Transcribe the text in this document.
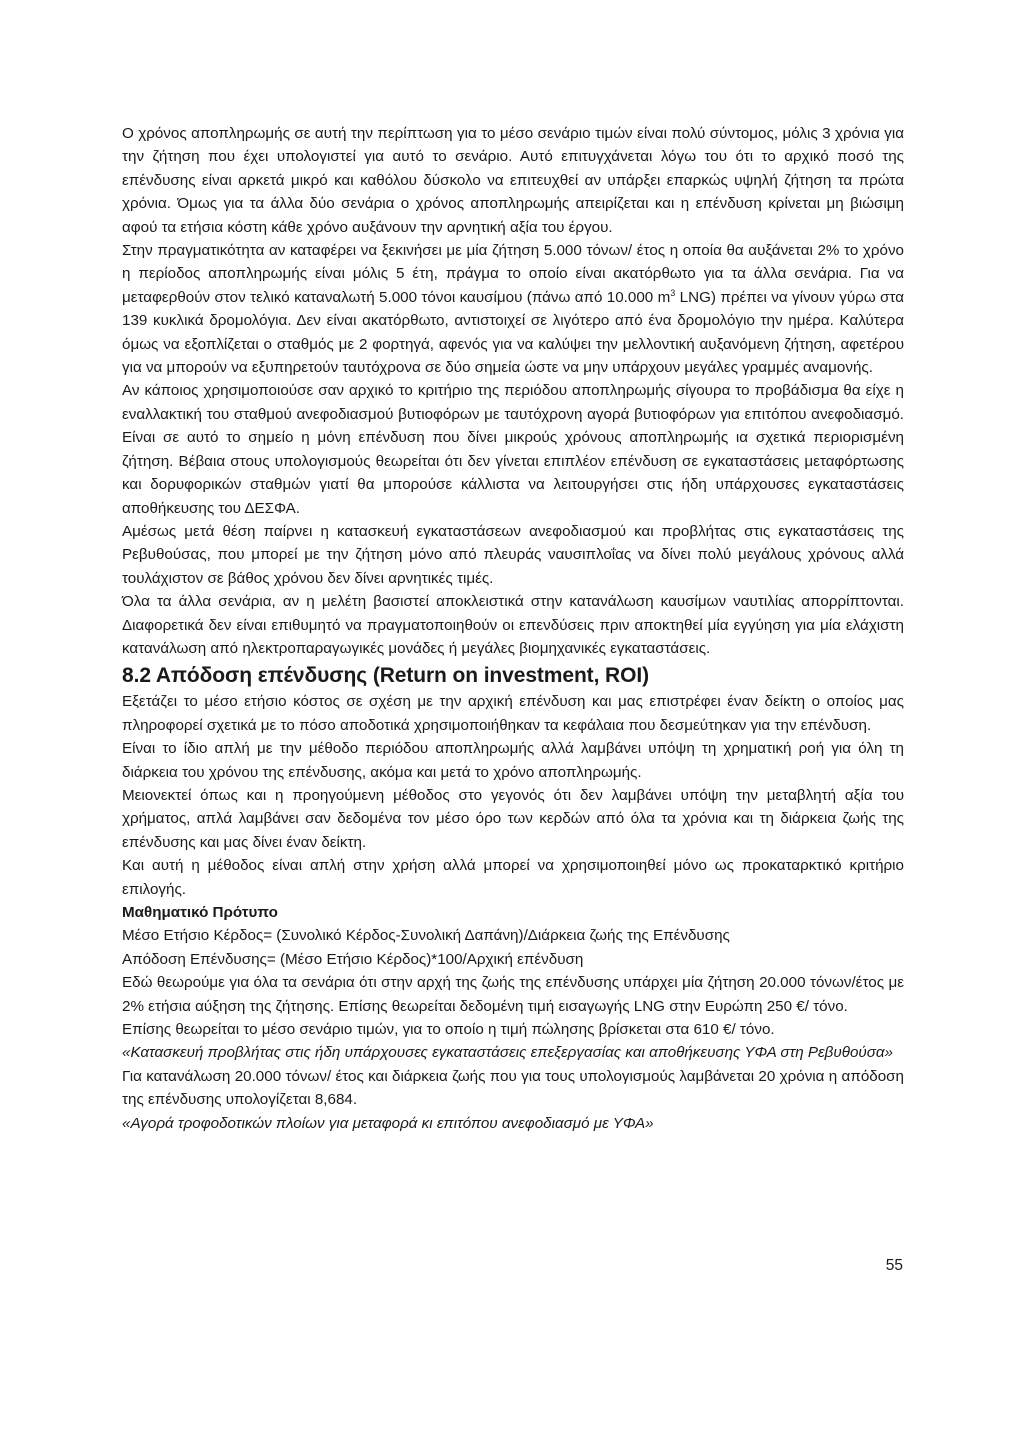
Ο χρόνος αποπληρωμής σε αυτή την περίπτωση για το μέσο σενάριο τιμών είναι πολύ σύντομος, μόλις 3 χρόνια για την ζήτηση που έχει υπολογιστεί για αυτό το σενάριο. Αυτό επιτυγχάνεται λόγω του ότι το αρχικό ποσό της επένδυσης είναι αρκετά μικρό και καθόλου δύσκολο να επιτευχθεί αν υπάρξει επαρκώς υψηλή ζήτηση τα πρώτα χρόνια. Όμως για τα άλλα δύο σενάρια ο χρόνος αποπληρωμής απειρίζεται και η επένδυση κρίνεται μη βιώσιμη αφού τα ετήσια κόστη κάθε χρόνο αυξάνουν την αρνητική αξία του έργου.

Στην πραγματικότητα αν καταφέρει να ξεκινήσει με μία ζήτηση 5.000 τόνων/ έτος η οποία θα αυξάνεται 2% το χρόνο η περίοδος αποπληρωμής είναι μόλις 5 έτη, πράγμα το οποίο είναι ακατόρθωτο για τα άλλα σενάρια. Για να μεταφερθούν στον τελικό καταναλωτή 5.000 τόνοι καυσίμου (πάνω από 10.000 $m^3$ LNG) πρέπει να γίνουν γύρω στα 139 κυκλικά δρομολόγια. Δεν είναι ακατόρθωτο, αντιστοιχεί σε λιγότερο από ένα δρομολόγιο την ημέρα. Καλύτερα όμως να εξοπλίζεται ο σταθμός με 2 φορτηγά, αφενός για να καλύψει την μελλοντική αυξανόμενη ζήτηση, αφετέρου για να μπορούν να εξυπηρετούν ταυτόχρονα σε δύο σημεία ώστε να μην υπάρχουν μεγάλες γραμμές αναμονής.

Αν κάποιος χρησιμοποιούσε σαν αρχικό το κριτήριο της περιόδου αποπληρωμής σίγουρα το προβάδισμα θα είχε η εναλλακτική του σταθμού ανεφοδιασμού βυτιοφόρων με ταυτόχρονη αγορά βυτιοφόρων για επιτόπου ανεφοδιασμό. Είναι σε αυτό το σημείο η μόνη επένδυση που δίνει μικρούς χρόνους αποπληρωμής ια σχετικά περιορισμένη ζήτηση. Βέβαια στους υπολογισμούς θεωρείται ότι δεν γίνεται επιπλέον επένδυση σε εγκαταστάσεις μεταφόρτωσης και δορυφορικών σταθμών γιατί θα μπορούσε κάλλιστα να λειτουργήσει στις ήδη υπάρχουσες εγκαταστάσεις αποθήκευσης του ΔΕΣΦΑ.

Αμέσως μετά θέση παίρνει η κατασκευή εγκαταστάσεων ανεφοδιασμού και προβλήτας στις εγκαταστάσεις της Ρεβυθούσας, που μπορεί με την ζήτηση μόνο από πλευράς ναυσιπλοΐας να δίνει πολύ μεγάλους χρόνους αλλά τουλάχιστον σε βάθος χρόνου δεν δίνει αρνητικές τιμές.

Όλα τα άλλα σενάρια, αν η μελέτη βασιστεί αποκλειστικά στην κατανάλωση καυσίμων ναυτιλίας απορρίπτονται. Διαφορετικά δεν είναι επιθυμητό να πραγματοποιηθούν οι επενδύσεις πριν αποκτηθεί μία εγγύηση για μία ελάχιστη κατανάλωση από ηλεκτροπαραγωγικές μονάδες ή μεγάλες βιομηχανικές εγκαταστάσεις.

8.2 Απόδοση επένδυσης (Return on investment, ROI)

Εξετάζει το μέσο ετήσιο κόστος σε σχέση με την αρχική επένδυση και μας επιστρέφει έναν δείκτη ο οποίος μας πληροφορεί σχετικά με το πόσο αποδοτικά χρησιμοποιήθηκαν τα κεφάλαια που δεσμεύτηκαν για την επένδυση.

Είναι το ίδιο απλή με την μέθοδο περιόδου αποπληρωμής αλλά λαμβάνει υπόψη τη χρηματική ροή για όλη τη διάρκεια του χρόνου της επένδυσης, ακόμα και μετά το χρόνο αποπληρωμής.

Μειονεκτεί όπως και η προηγούμενη μέθοδος στο γεγονός ότι δεν λαμβάνει υπόψη την μεταβλητή αξία του χρήματος, απλά λαμβάνει σαν δεδομένα τον μέσο όρο των κερδών από όλα τα χρόνια και τη διάρκεια ζωής της επένδυσης και μας δίνει έναν δείκτη.

Και αυτή η μέθοδος είναι απλή στην χρήση αλλά μπορεί να χρησιμοποιηθεί μόνο ως προκαταρκτικό κριτήριο επιλογής.

Μαθηματικό Πρότυπο

Μέσο Ετήσιο Κέρδος= (Συνολικό Κέρδος-Συνολική Δαπάνη)/Διάρκεια ζωής της Επένδυσης

Απόδοση Επένδυσης= (Μέσο Ετήσιο Κέρδος)*100/Αρχική επένδυση

Εδώ θεωρούμε για όλα τα σενάρια ότι στην αρχή της ζωής της επένδυσης υπάρχει μία ζήτηση 20.000 τόνων/έτος με 2% ετήσια αύξηση της ζήτησης. Επίσης θεωρείται δεδομένη τιμή εισαγωγής LNG στην Ευρώπη 250 €/ τόνο.

Επίσης θεωρείται το μέσο σενάριο τιμών, για το οποίο η τιμή πώλησης βρίσκεται στα 610 €/ τόνο.

«Κατασκευή προβλήτας στις ήδη υπάρχουσες εγκαταστάσεις επεξεργασίας και αποθήκευσης ΥΦΑ στη Ρεβυθούσα»

Για κατανάλωση 20.000 τόνων/ έτος και διάρκεια ζωής που για τους υπολογισμούς λαμβάνεται 20 χρόνια η απόδοση της επένδυσης υπολογίζεται 8,684.

«Αγορά τροφοδοτικών πλοίων για μεταφορά κι επιτόπου ανεφοδιασμό με ΥΦΑ»

55
